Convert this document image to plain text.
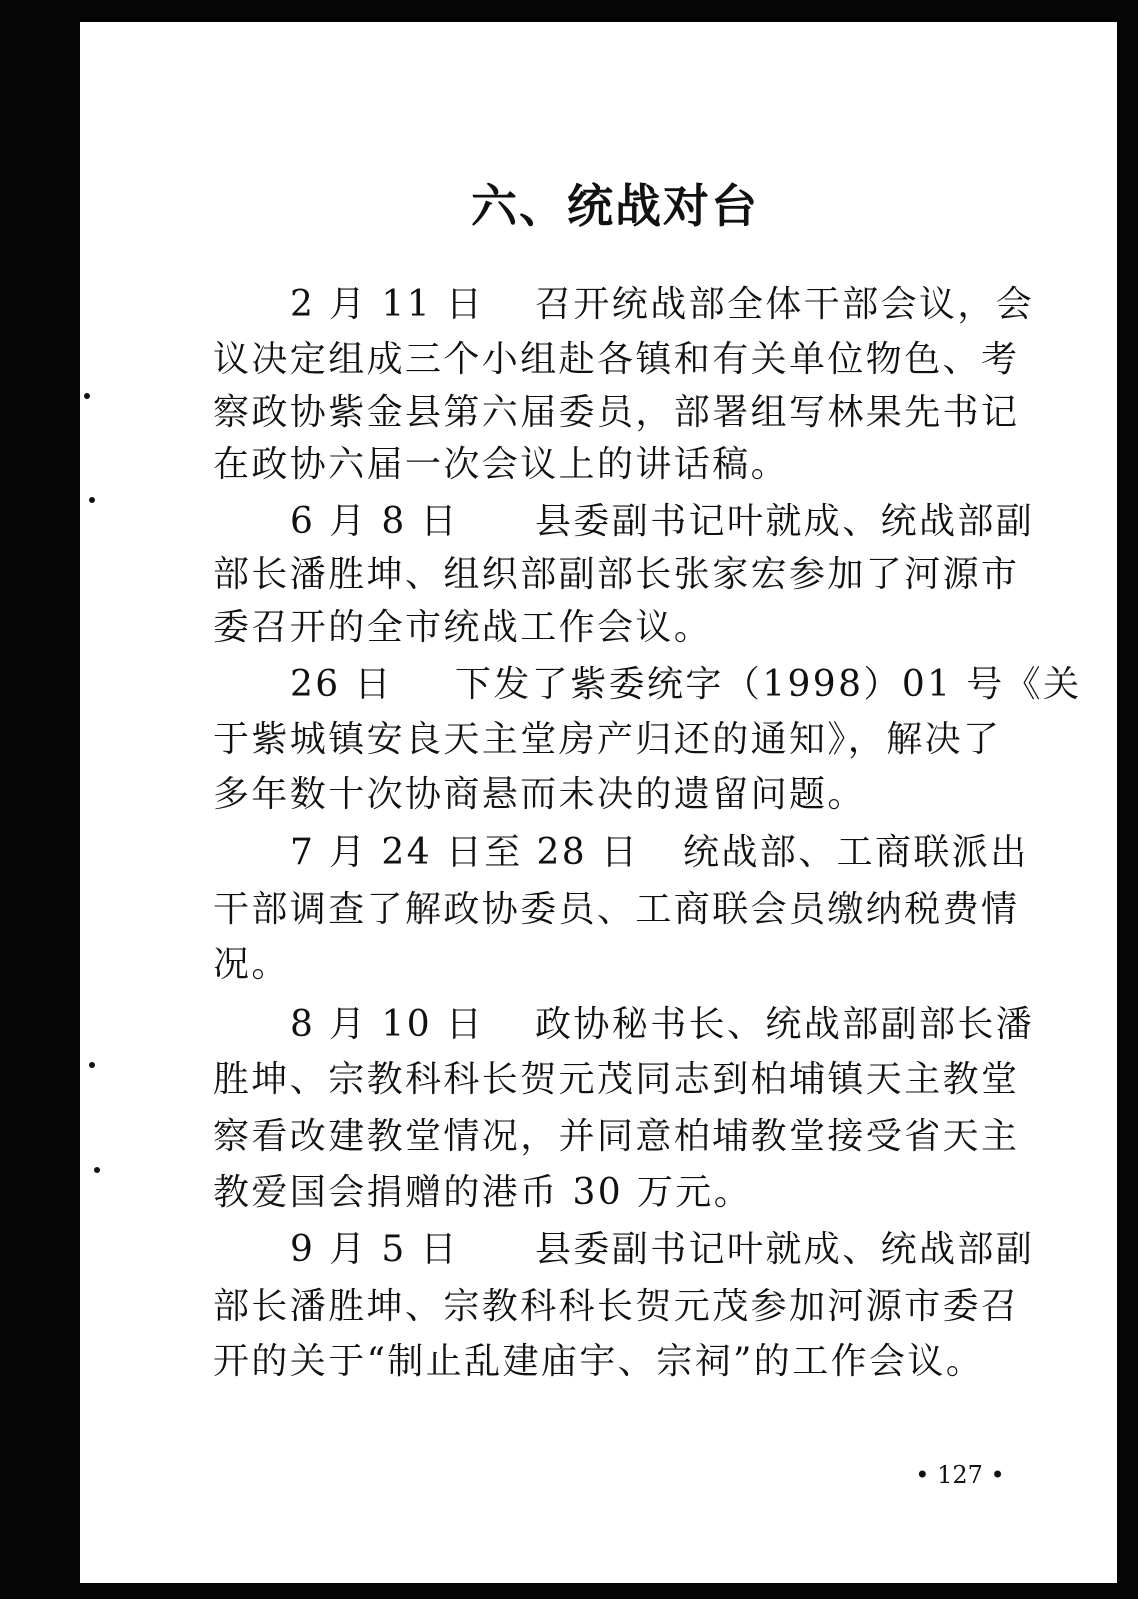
六、统战对台
2 月 11 日 召开统战部全体干部会议，会
议决定组成三个小组赴各镇和有关单位物色、考
察政协紫金县第六届委员，部署组写林果先书记
在政协六届一次会议上的讲话稿。
6 月 8 日 县委副书记叶就成、统战部副
部长潘胜坤、组织部副部长张家宏参加了河源市
委召开的全市统战工作会议。
26 日 下发了紫委统字（1998）01 号《关
于紫城镇安良天主堂房产归还的通知》，解决了
多年数十次协商悬而未决的遗留问题。
7 月 24 日至 28 日 统战部、工商联派出
干部调查了解政协委员、工商联会员缴纳税费情
况。
8 月 10 日 政协秘书长、统战部副部长潘
胜坤、宗教科科长贺元茂同志到柏埔镇天主教堂
察看改建教堂情况，并同意柏埔教堂接受省天主
教爱国会捐赠的港币 30 万元。
9 月 5 日 县委副书记叶就成、统战部副
部长潘胜坤、宗教科科长贺元茂参加河源市委召
开的关于“制止乱建庙宇、宗祠”的工作会议。
• 127 •
